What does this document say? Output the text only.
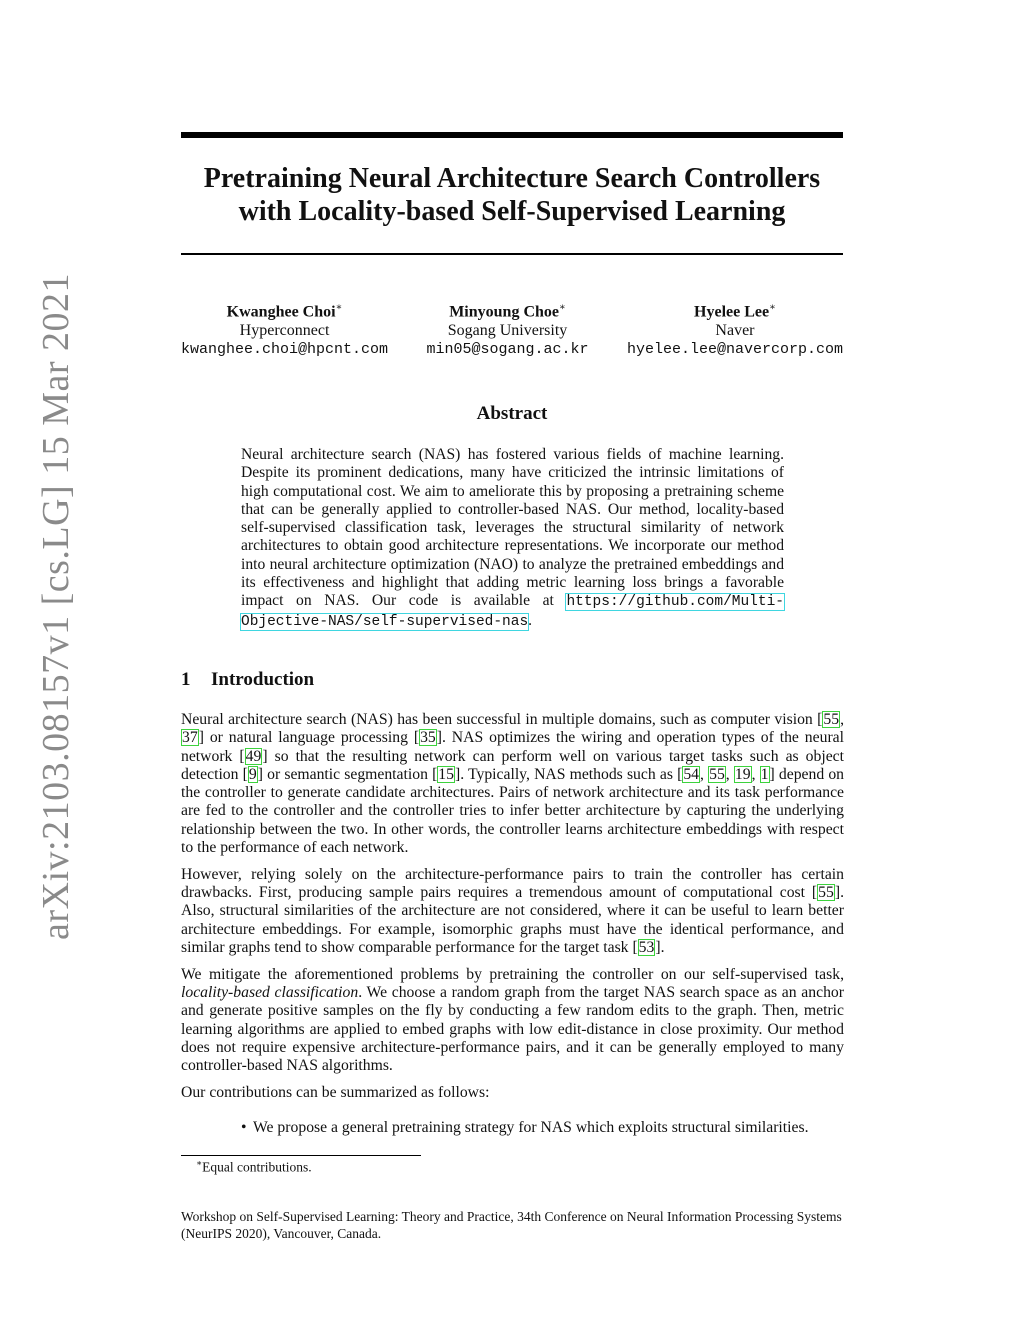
arXiv:2103.08157v1 [cs.LG] 15 Mar 2021
Pretraining Neural Architecture Search Controllers
with Locality-based Self-Supervised Learning
Kwanghee Choi∗
Hyperconnect
kwanghee.choi@hpcnt.com
Minyoung Choe∗
Sogang University
min05@sogang.ac.kr
Hyelee Lee∗
Naver
hyelee.lee@navercorp.com
Abstract
Neural architecture search (NAS) has fostered various fields of machine learning. Despite its prominent dedications, many have criticized the intrinsic limitations of high computational cost. We aim to ameliorate this by proposing a pretraining scheme that can be generally applied to controller-based NAS. Our method, locality-based self-supervised classification task, leverages the structural similarity of network architectures to obtain good architecture representations. We incorporate our method into neural architecture optimization (NAO) to analyze the pretrained embeddings and its effectiveness and highlight that adding metric learning loss brings a favorable impact on NAS. Our code is available at https://github.com/Multi-Objective-NAS/self-supervised-nas.
1 Introduction

Neural architecture search (NAS) has been successful in multiple domains, such as computer vision [55, 37] or natural language processing [35]. NAS optimizes the wiring and operation types of the neural network [49] so that the resulting network can perform well on various target tasks such as object detection [9] or semantic segmentation [15]. Typically, NAS methods such as [54, 55, 19, 1] depend on the controller to generate candidate architectures. Pairs of network architecture and its task performance are fed to the controller and the controller tries to infer better architecture by capturing the underlying relationship between the two. In other words, the controller learns architecture embeddings with respect to the performance of each network.

However, relying solely on the architecture-performance pairs to train the controller has certain drawbacks. First, producing sample pairs requires a tremendous amount of computational cost [55]. Also, structural similarities of the architecture are not considered, where it can be useful to learn better architecture embeddings. For example, isomorphic graphs must have the identical performance, and similar graphs tend to show comparable performance for the target task [53].

We mitigate the aforementioned problems by pretraining the controller on our self-supervised task, locality-based classification. We choose a random graph from the target NAS search space as an anchor and generate positive samples on the fly by conducting a few random edits to the graph. Then, metric learning algorithms are applied to embed graphs with low edit-distance in close proximity. Our method does not require expensive architecture-performance pairs, and it can be generally employed to many controller-based NAS algorithms.

Our contributions can be summarized as follows:

• We propose a general pretraining strategy for NAS which exploits structural similarities.
∗Equal contributions.
Workshop on Self-Supervised Learning: Theory and Practice, 34th Conference on Neural Information Processing Systems (NeurIPS 2020), Vancouver, Canada.
